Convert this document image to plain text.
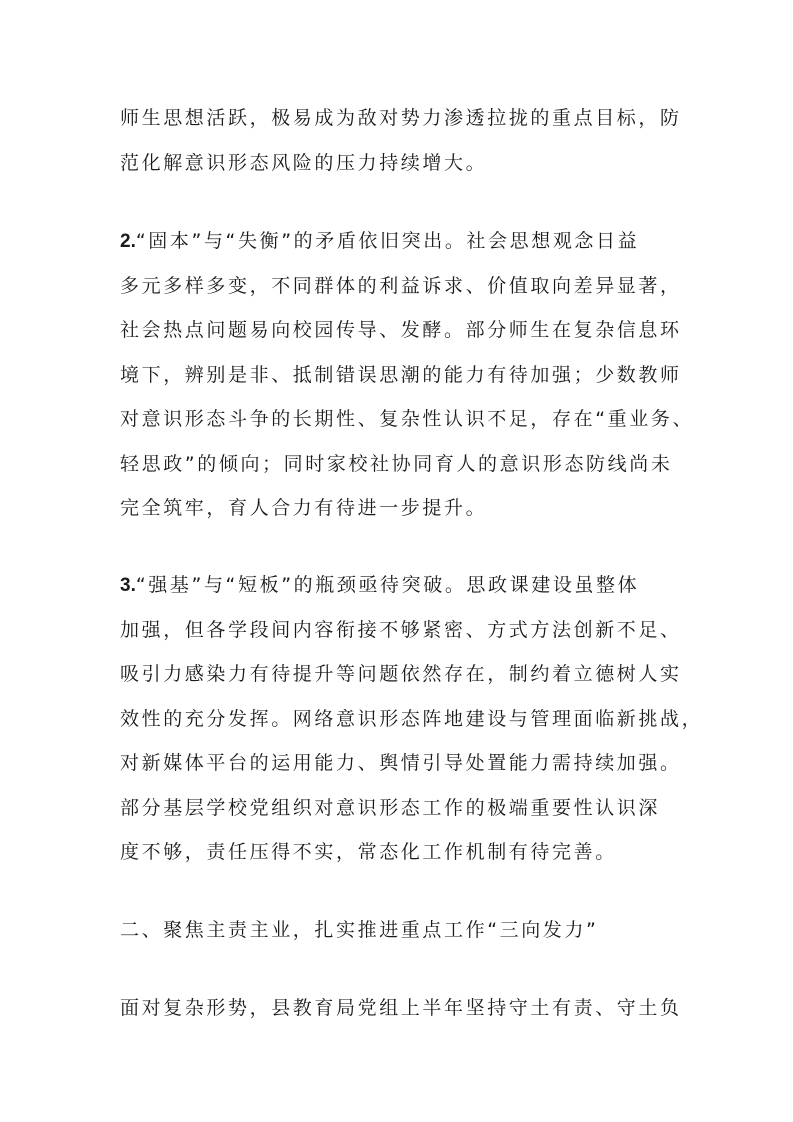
师生思想活跃，极易成为敌对势力渗透拉拢的重点目标，防
范化解意识形态风险的压力持续增大。
2.“固本”与“失衡”的矛盾依旧突出。社会思想观念日益
多元多样多变，不同群体的利益诉求、价值取向差异显著，
社会热点问题易向校园传导、发酵。部分师生在复杂信息环
境下，辨别是非、抵制错误思潮的能力有待加强；少数教师
对意识形态斗争的长期性、复杂性认识不足，存在“重业务、
轻思政”的倾向；同时家校社协同育人的意识形态防线尚未
完全筑牢，育人合力有待进一步提升。
3.“强基”与“短板”的瓶颈亟待突破。思政课建设虽整体
加强，但各学段间内容衔接不够紧密、方式方法创新不足、
吸引力感染力有待提升等问题依然存在，制约着立德树人实
效性的充分发挥。网络意识形态阵地建设与管理面临新挑战，
对新媒体平台的运用能力、舆情引导处置能力需持续加强。
部分基层学校党组织对意识形态工作的极端重要性认识深
度不够，责任压得不实，常态化工作机制有待完善。
二、聚焦主责主业，扎实推进重点工作“三向发力”
面对复杂形势，县教育局党组上半年坚持守土有责、守土负
